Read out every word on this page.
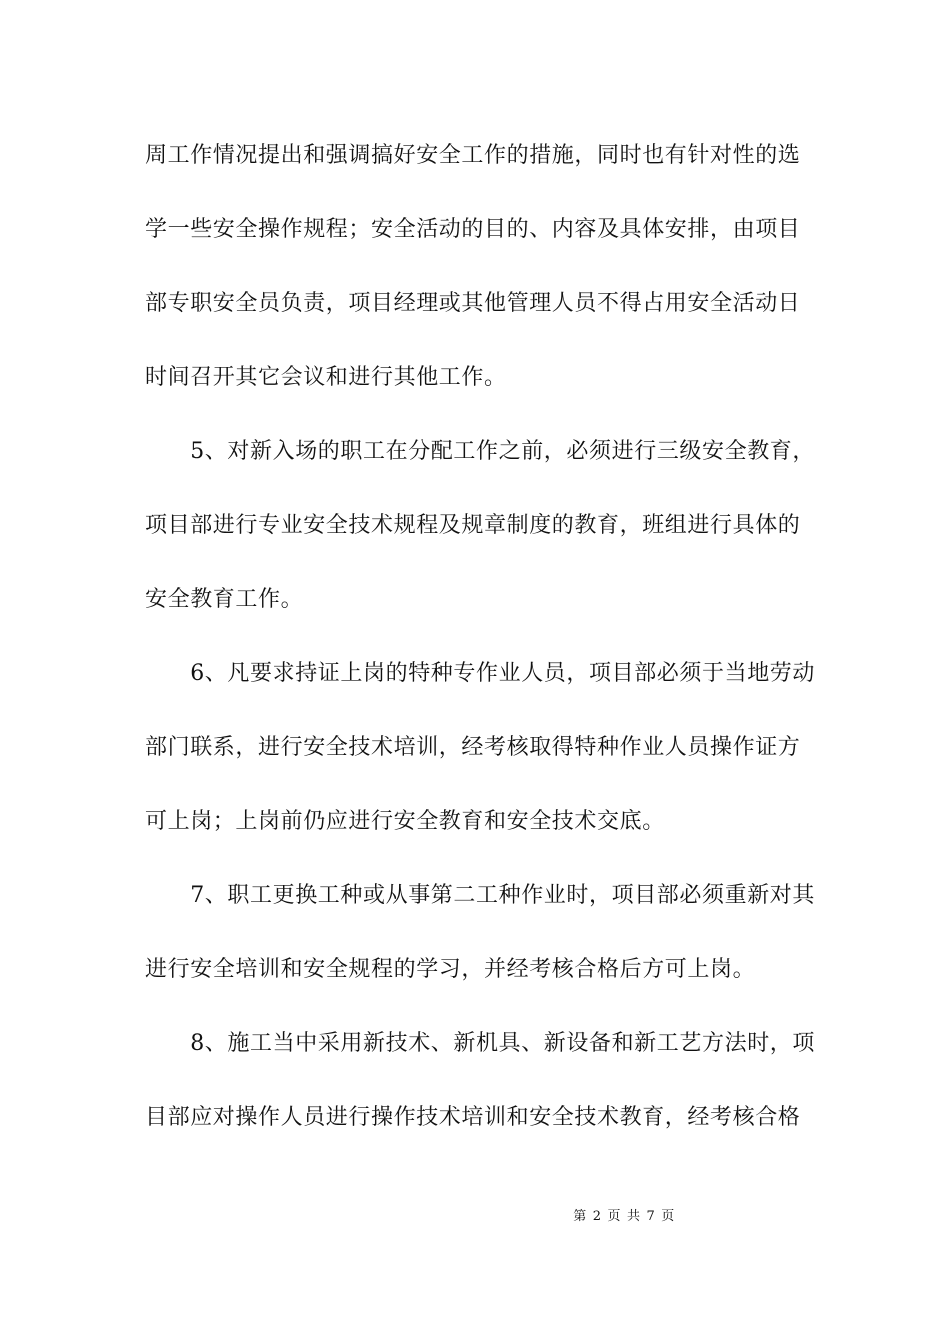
周工作情况提出和强调搞好安全工作的措施，同时也有针对性的选
学一些安全操作规程；安全活动的目的、内容及具体安排，由项目
部专职安全员负责，项目经理或其他管理人员不得占用安全活动日
时间召开其它会议和进行其他工作。
　　5、对新入场的职工在分配工作之前，必须进行三级安全教育，
项目部进行专业安全技术规程及规章制度的教育，班组进行具体的
安全教育工作。
　　6、凡要求持证上岗的特种专作业人员，项目部必须于当地劳动
部门联系，进行安全技术培训，经考核取得特种作业人员操作证方
可上岗；上岗前仍应进行安全教育和安全技术交底。
　　7、职工更换工种或从事第二工种作业时，项目部必须重新对其
进行安全培训和安全规程的学习，并经考核合格后方可上岗。
　　8、施工当中采用新技术、新机具、新设备和新工艺方法时，项
目部应对操作人员进行操作技术培训和安全技术教育，经考核合格
第 2 页 共 7 页
